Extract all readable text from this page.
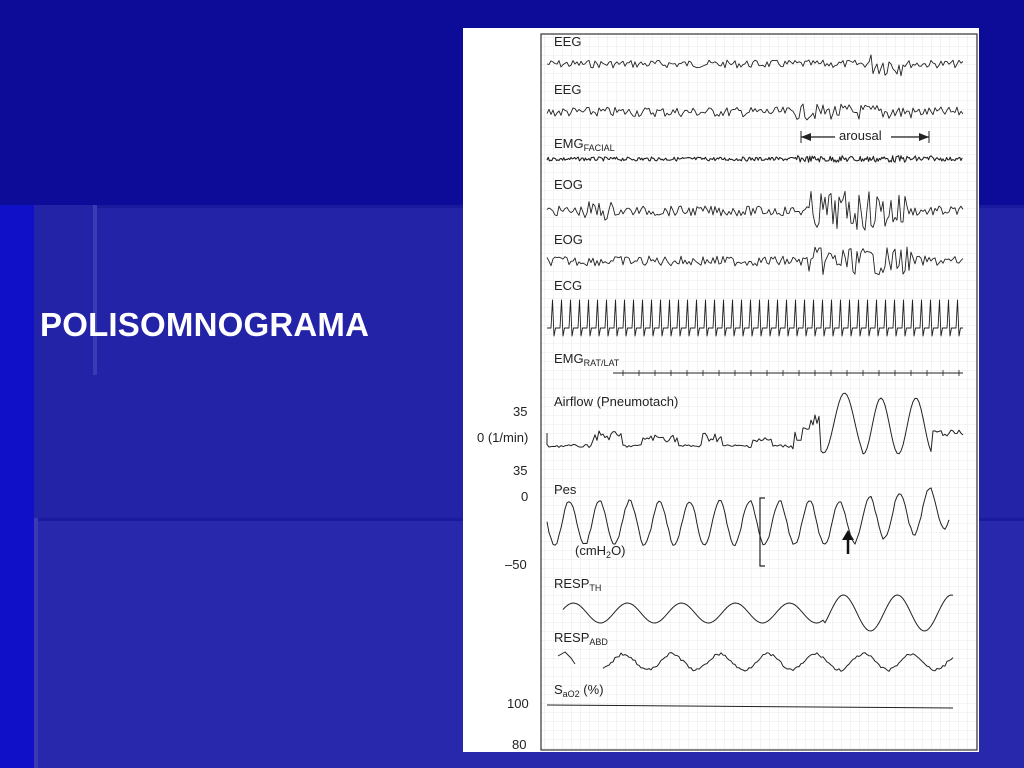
POLISOMNOGRAMA
EEG
EEG
$EMG_{FACIAL}$
EOG
EOG
ECG
$EMG_{RAT/LAT}$
Airflow (Pneumotach)
Pes
$RESP_{TH}$
$RESP_{ABD}$
$S_{aO2}$ (%)
35
0 (1/min)
35
0
–50
100
80
arousal
(cmH$_2$O)
